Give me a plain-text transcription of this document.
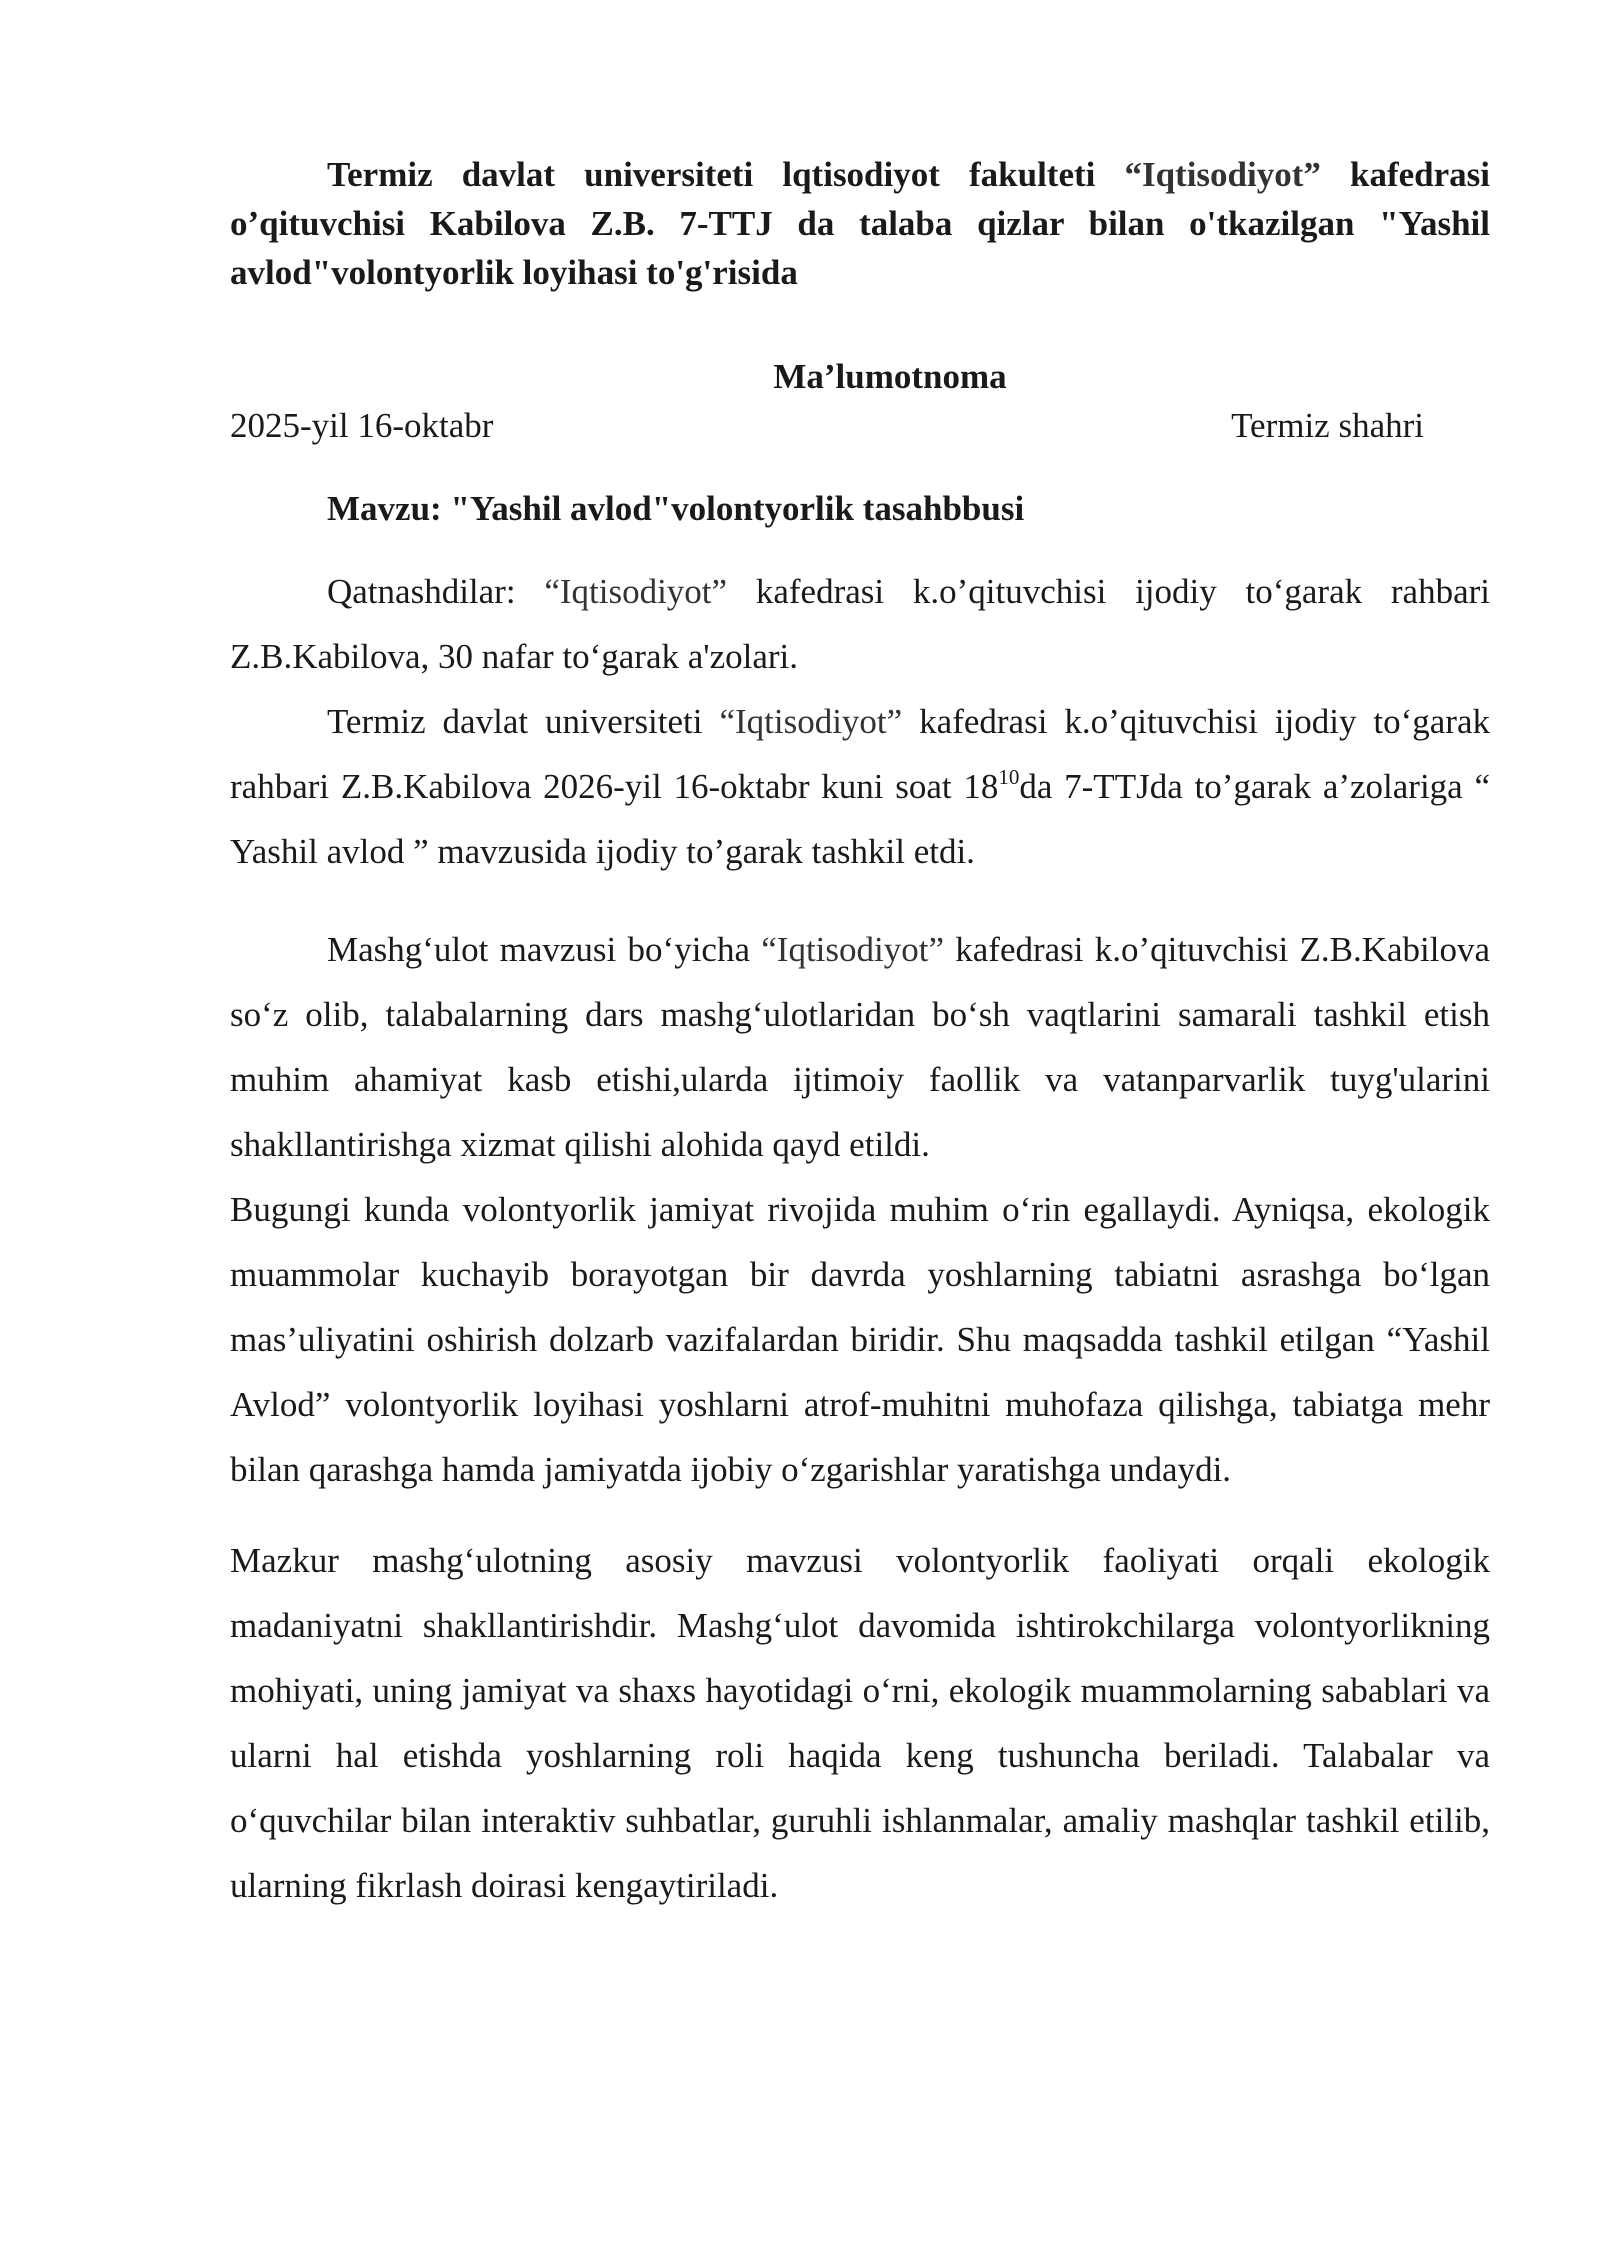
Termiz davlat universiteti lqtisodiyot fakulteti “Iqtisodiyot” kafedrasi o’qituvchisi Kabilova Z.B. 7-TTJ da talaba qizlar bilan o'tkazilgan "Yashil avlod"volontyorlik loyihasi to'g'risida

Ma’lumotnoma
2025-yil 16-oktabr	Termiz shahri

Mavzu: "Yashil avlod"volontyorlik tasahbbusi

Qatnashdilar: “Iqtisodiyot” kafedrasi k.o’qituvchisi ijodiy to‘garak rahbari Z.B.Kabilova, 30 nafar to‘garak a'zolari.

Termiz davlat universiteti “Iqtisodiyot” kafedrasi k.o’qituvchisi ijodiy to‘garak rahbari Z.B.Kabilova 2026-yil 16-oktabr kuni soat $18^{10}da$ 7-TTJda to’garak a’zolariga “ Yashil avlod ” mavzusida ijodiy to’garak tashkil etdi.

Mashg‘ulot mavzusi bo‘yicha “Iqtisodiyot” kafedrasi k.o’qituvchisi Z.B.Kabilova so‘z olib, talabalarning dars mashg‘ulotlaridan bo‘sh vaqtlarini samarali tashkil etish muhim ahamiyat kasb etishi,ularda ijtimoiy faollik va vatanparvarlik tuyg'ularini shakllantirishga xizmat qilishi alohida qayd etildi.

Bugungi kunda volontyorlik jamiyat rivojida muhim o‘rin egallaydi. Ayniqsa, ekologik muammolar kuchayib borayotgan bir davrda yoshlarning tabiatni asrashga bo‘lgan mas’uliyatini oshirish dolzarb vazifalardan biridir. Shu maqsadda tashkil etilgan “Yashil Avlod” volontyorlik loyihasi yoshlarni atrof-muhitni muhofaza qilishga, tabiatga mehr bilan qarashga hamda jamiyatda ijobiy o‘zgarishlar yaratishga undaydi.

Mazkur mashg‘ulotning asosiy mavzusi volontyorlik faoliyati orqali ekologik madaniyatni shakllantirishdir. Mashg‘ulot davomida ishtirokchilarga volontyorlikning mohiyati, uning jamiyat va shaxs hayotidagi o‘rni, ekologik muammolarning sabablari va ularni hal etishda yoshlarning roli haqida keng tushuncha beriladi. Talabalar va o‘quvchilar bilan interaktiv suhbatlar, guruhli ishlanmalar, amaliy mashqlar tashkil etilib, ularning fikrlash doirasi kengaytiriladi.
